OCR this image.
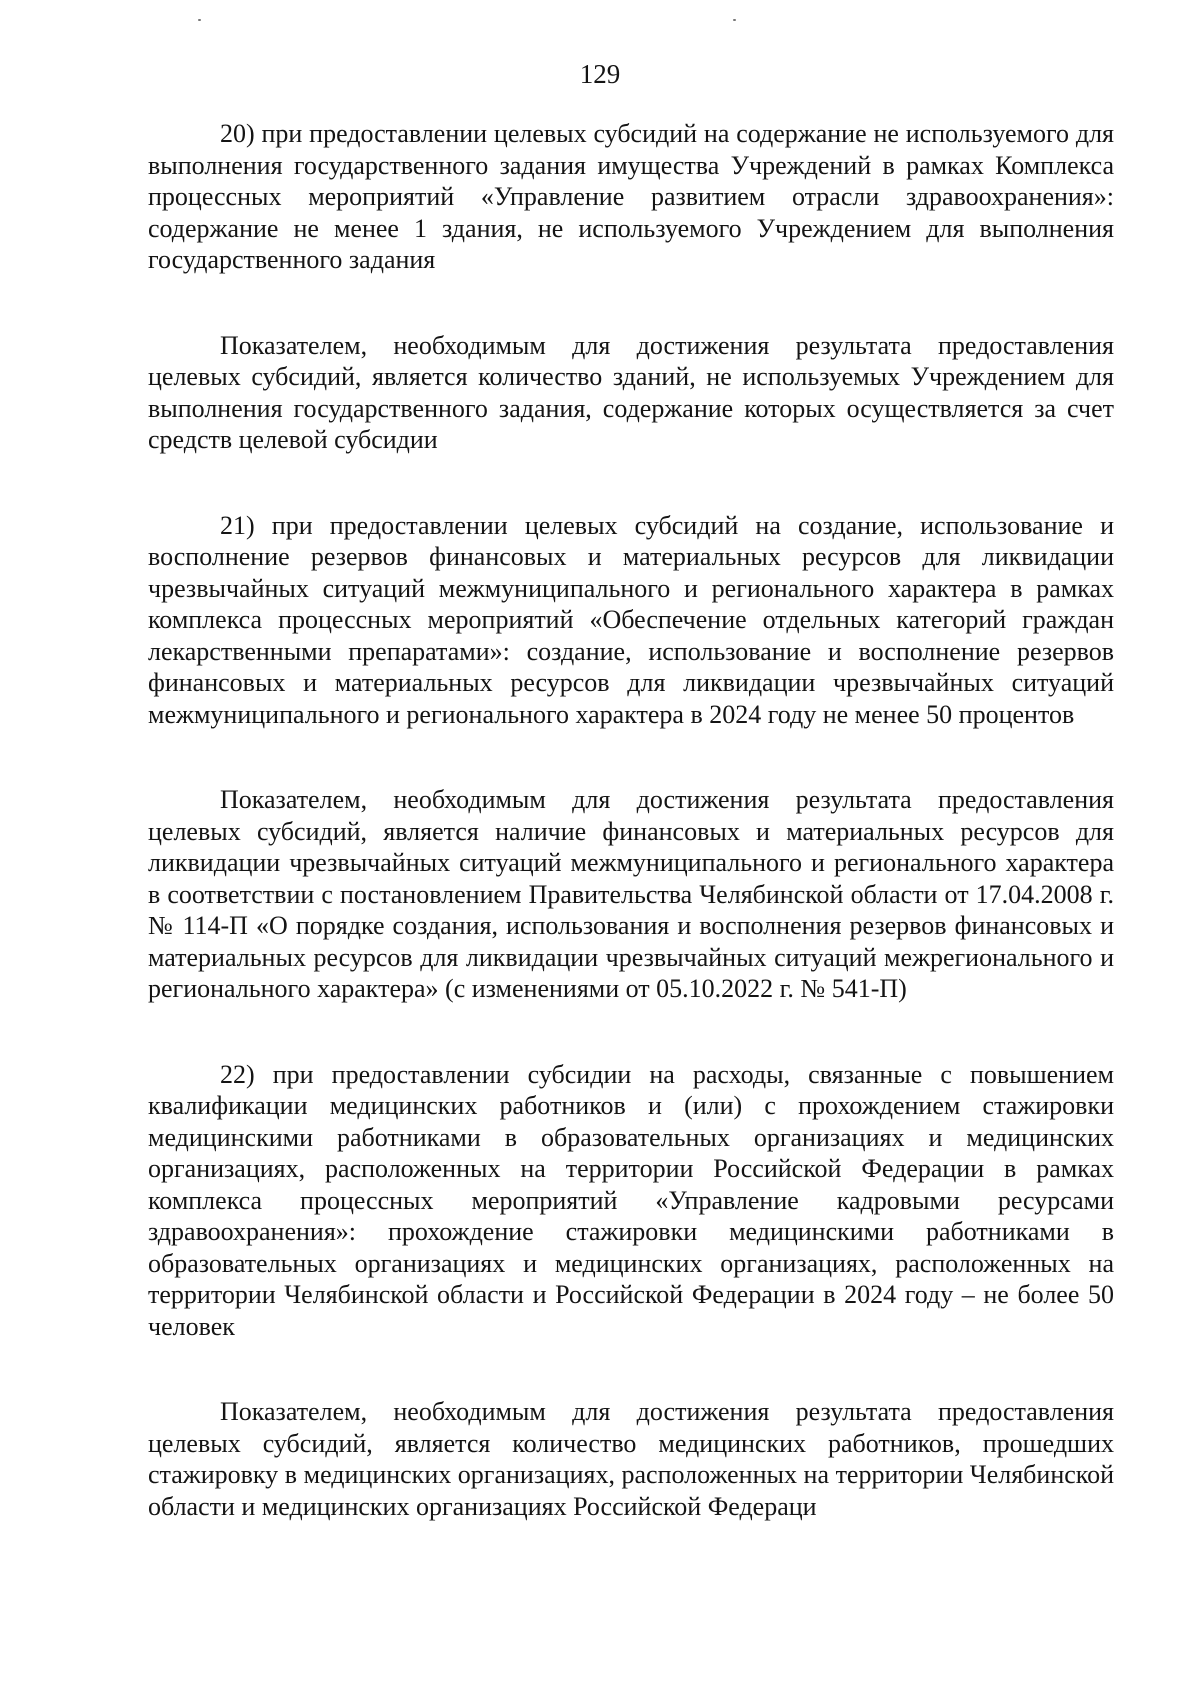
129

20) при предоставлении целевых субсидий на содержание не используемого для выполнения государственного задания имущества Учреждений в рамках Комплекса процессных мероприятий «Управление развитием отрасли здравоохранения»: содержание не менее 1 здания, не используемого Учреждением для выполнения государственного задания

Показателем, необходимым для достижения результата предоставления целевых субсидий, является количество зданий, не используемых Учреждением для выполнения государственного задания, содержание которых осуществляется за счет средств целевой субсидии

21) при предоставлении целевых субсидий на создание, использование и восполнение резервов финансовых и материальных ресурсов для ликвидации чрезвычайных ситуаций межмуниципального и регионального характера в рамках комплекса процессных мероприятий «Обеспечение отдельных категорий граждан лекарственными препаратами»: создание, использование и восполнение резервов финансовых и материальных ресурсов для ликвидации чрезвычайных ситуаций межмуниципального и регионального характера в 2024 году не менее 50 процентов

Показателем, необходимым для достижения результата предоставления целевых субсидий, является наличие финансовых и материальных ресурсов для ликвидации чрезвычайных ситуаций межмуниципального и регионального характера в соответствии с постановлением Правительства Челябинской области от 17.04.2008 г. № 114-П «О порядке создания, использования и восполнения резервов финансовых и материальных ресурсов для ликвидации чрезвычайных ситуаций межрегионального и регионального характера» (с изменениями от 05.10.2022 г. № 541-П)

22) при предоставлении субсидии на расходы, связанные с повышением квалификации медицинских работников и (или) с прохождением стажировки медицинскими работниками в образовательных организациях и медицинских организациях, расположенных на территории Российской Федерации в рамках комплекса процессных мероприятий «Управление кадровыми ресурсами здравоохранения»: прохождение стажировки медицинскими работниками в образовательных организациях и медицинских организациях, расположенных на территории Челябинской области и Российской Федерации в 2024 году – не более 50 человек

Показателем, необходимым для достижения результата предоставления целевых субсидий, является количество медицинских работников, прошедших стажировку в медицинских организациях, расположенных на территории Челябинской области и медицинских организациях Российской Федераци
